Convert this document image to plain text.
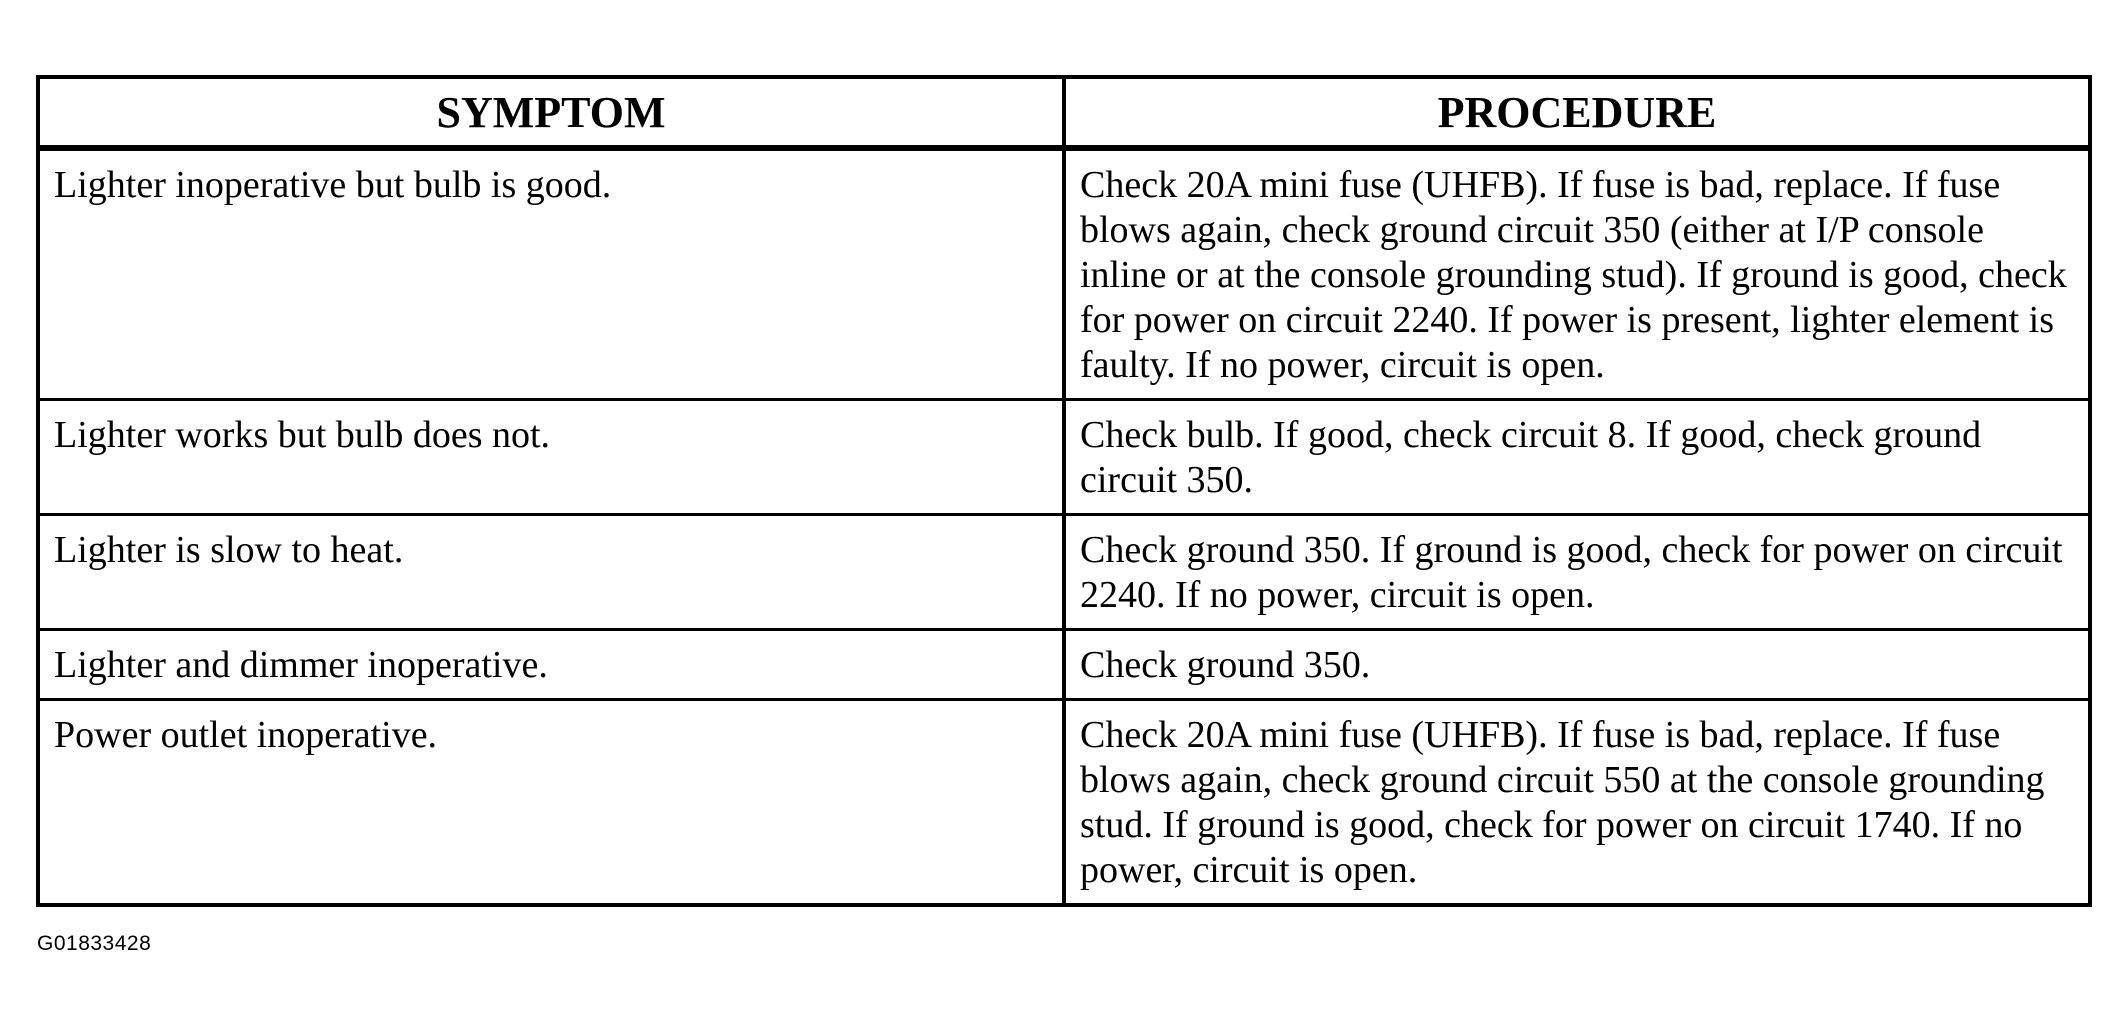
SYMPTOM	PROCEDURE
Lighter inoperative but bulb is good.	Check 20A mini fuse (UHFB). If fuse is bad, replace. If fuse blows again, check ground circuit 350 (either at I/P console inline or at the console grounding stud). If ground is good, check for power on circuit 2240. If power is present, lighter element is faulty. If no power, circuit is open.
Lighter works but bulb does not.	Check bulb. If good, check circuit 8. If good, check ground circuit 350.
Lighter is slow to heat.	Check ground 350. If ground is good, check for power on circuit 2240. If no power, circuit is open.
Lighter and dimmer inoperative.	Check ground 350.
Power outlet inoperative.	Check 20A mini fuse (UHFB). If fuse is bad, replace. If fuse blows again, check ground circuit 550 at the console grounding stud. If ground is good, check for power on circuit 1740. If no power, circuit is open.
G01833428
